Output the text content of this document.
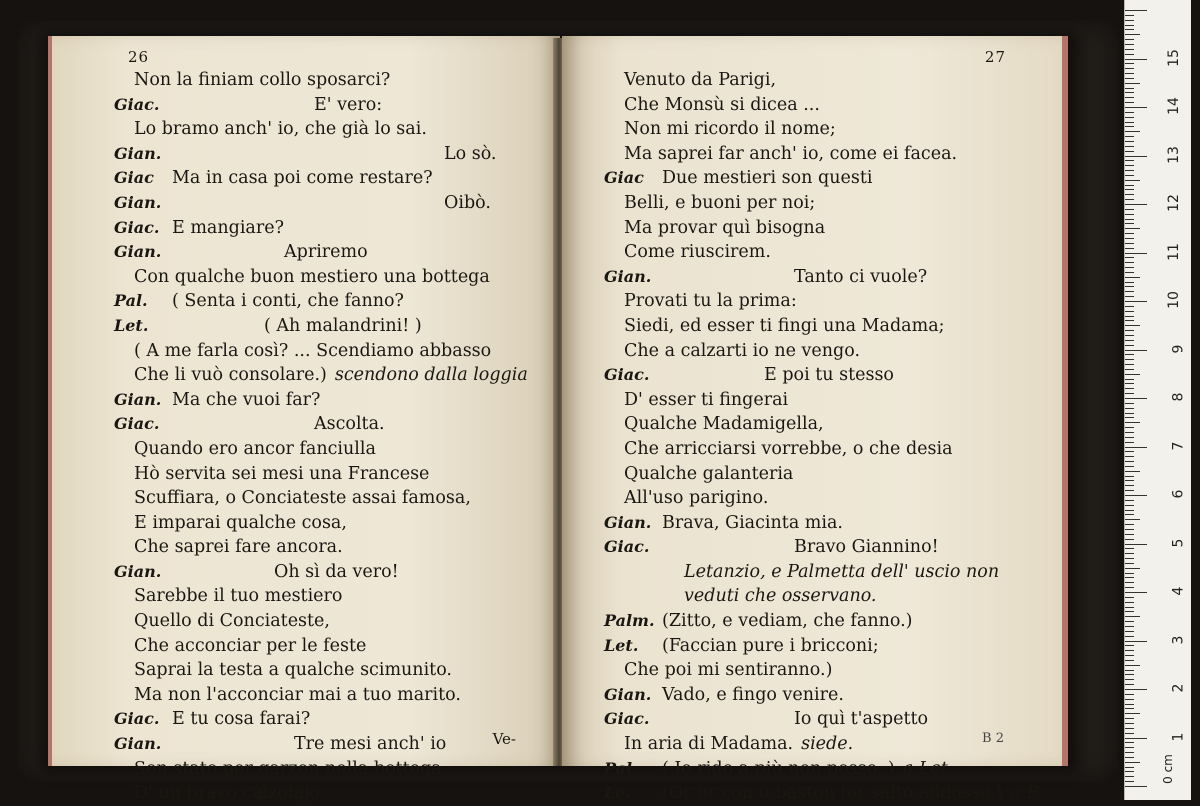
26
Non la finiam collo sposarci?
Giac.	E' vero:
Lo bramo anch' io, che già lo sai.
Gian.	Lo sò.
Giac Ma in casa poi come restare?
Gian.	Oibò.
Giac. E mangiare?
Gian.	Apriremo
Con qualche buon mestiero una bottega
Pal. ( Senta i conti, che fanno?
Let.	( Ah malandrini! )
( A me farla così? ... Scendiamo abbasso
Che li vuò consolare.) scendono dalla loggia
Gian. Ma che vuoi far?
Giac.	Ascolta.
Quando ero ancor fanciulla
Hò servita sei mesi una Francese
Scuffiara, o Conciateste assai famosa,
E imparai qualche cosa,
Che saprei fare ancora.
Gian.	Oh sì da vero!
Sarebbe il tuo mestiero
Quello di Conciateste,
Che acconciar per le feste
Saprai la testa a qualche scimunito.
Ma non l'acconciar mai a tuo marito.
Giac. E tu cosa farai?
Gian.	Tre mesi anch' io
Son stato per garzon nella bottega
D' un bravo calzolajo
Ve-
27
Venuto da Parigi,
Che Monsù si dicea ...
Non mi ricordo il nome;
Ma saprei far anch' io, come ei facea.
Giac Due mestieri son questi
Belli, e buoni per noi;
Ma provar quì bisogna
Come riuscirem.
Gian.	Tanto ci vuole?
Provati tu la prima:
Siedi, ed esser ti fingi una Madama;
Che a calzarti io ne vengo.
Giac.	E poi tu stesso
D' esser ti fingerai
Qualche Madamigella,
Che arricciarsi vorrebbe, o che desia
Qualche galanteria
All'uso parigino.
Gian. Brava, Giacinta mia.
Giac.	Bravo Giannino!
Letanzio, e Palmetta dell' uscio non
veduti che osservano.
Palm. (Zitto, e vediam, che fanno.)
Let. (Faccian pure i bricconi;
Che poi mi sentiranno.)
Gian. Vado, e fingo venire.
Giac.	Io quì t'aspetto
In aria di Madama. siede.
Pal. ( Io rido a più non posso. ) a Let.
Le. (Or or con ù baston lor salto addosso.) a P.
B 2
0 cm
1
2
3
4
5
6
7
8
9
10
11
12
13
14
15
